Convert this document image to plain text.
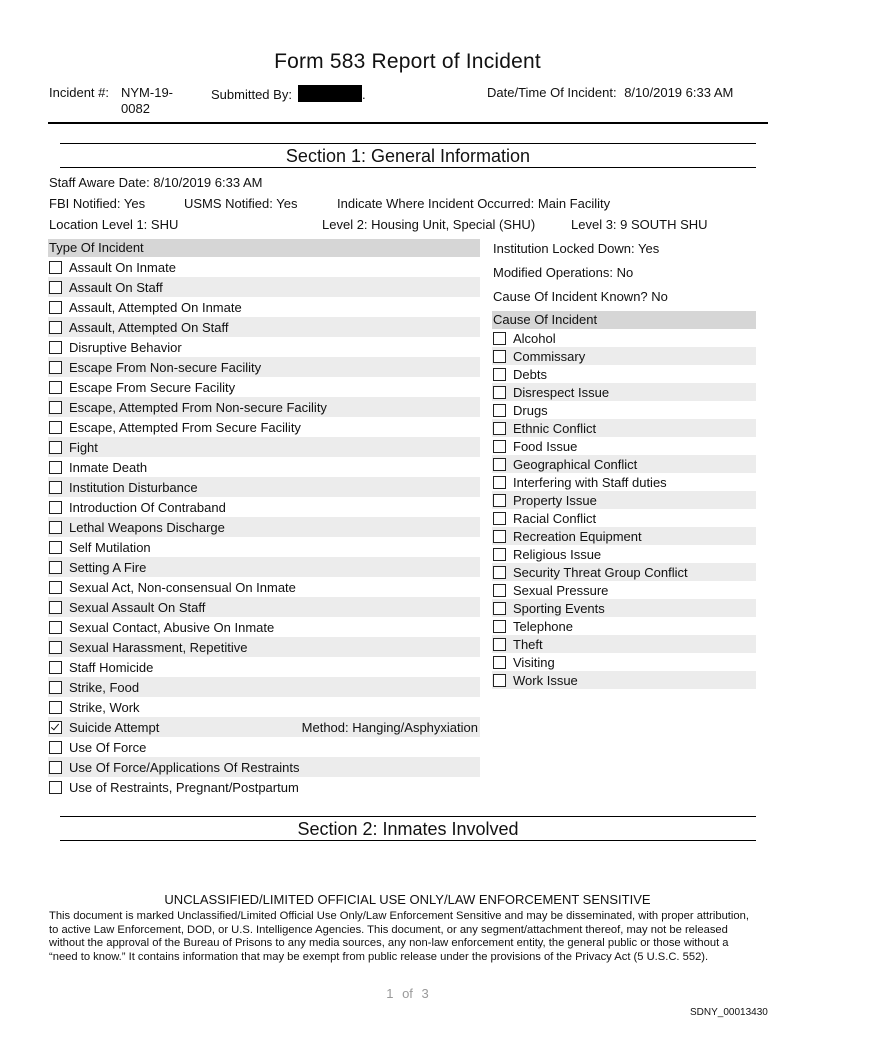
Form 583 Report of Incident
Incident #: NYM-19-
0082
Submitted By:	.	Date/Time Of Incident: 8/10/2019 6:33 AM
Section 1: General Information
Staff Aware Date: 8/10/2019 6:33 AM
FBI Notified: Yes	USMS Notified: Yes	Indicate Where Incident Occurred: Main Facility
Location Level 1: SHU	Level 2: Housing Unit, Special (SHU)	Level 3: 9 SOUTH SHU
Type Of Incident
Assault On Inmate
Assault On Staff
Assault, Attempted On Inmate
Assault, Attempted On Staff
Disruptive Behavior
Escape From Non-secure Facility
Escape From Secure Facility
Escape, Attempted From Non-secure Facility
Escape, Attempted From Secure Facility
Fight
Inmate Death
Institution Disturbance
Introduction Of Contraband
Lethal Weapons Discharge
Self Mutilation
Setting A Fire
Sexual Act, Non-consensual On Inmate
Sexual Assault On Staff
Sexual Contact, Abusive On Inmate
Sexual Harassment, Repetitive
Staff Homicide
Strike, Food
Strike, Work
Suicide Attempt	Method: Hanging/Asphyxiation
Use Of Force
Use Of Force/Applications Of Restraints
Use of Restraints, Pregnant/Postpartum
Institution Locked Down: Yes
Modified Operations: No
Cause Of Incident Known? No
Cause Of Incident
Alcohol
Commissary
Debts
Disrespect Issue
Drugs
Ethnic Conflict
Food Issue
Geographical Conflict
Interfering with Staff duties
Property Issue
Racial Conflict
Recreation Equipment
Religious Issue
Security Threat Group Conflict
Sexual Pressure
Sporting Events
Telephone
Theft
Visiting
Work Issue
Section 2: Inmates Involved
UNCLASSIFIED/LIMITED OFFICIAL USE ONLY/LAW ENFORCEMENT SENSITIVE
This document is marked Unclassified/Limited Official Use Only/Law Enforcement Sensitive and may be disseminated, with proper attribution, to active Law Enforcement, DOD, or U.S. Intelligence Agencies. This document, or any segment/attachment thereof, may not be released without the approval of the Bureau of Prisons to any media sources, any non-law enforcement entity, the general public or those without a “need to know.” It contains information that may be exempt from public release under the provisions of the Privacy Act (5 U.S.C. 552).
1 of 3
SDNY_00013430
